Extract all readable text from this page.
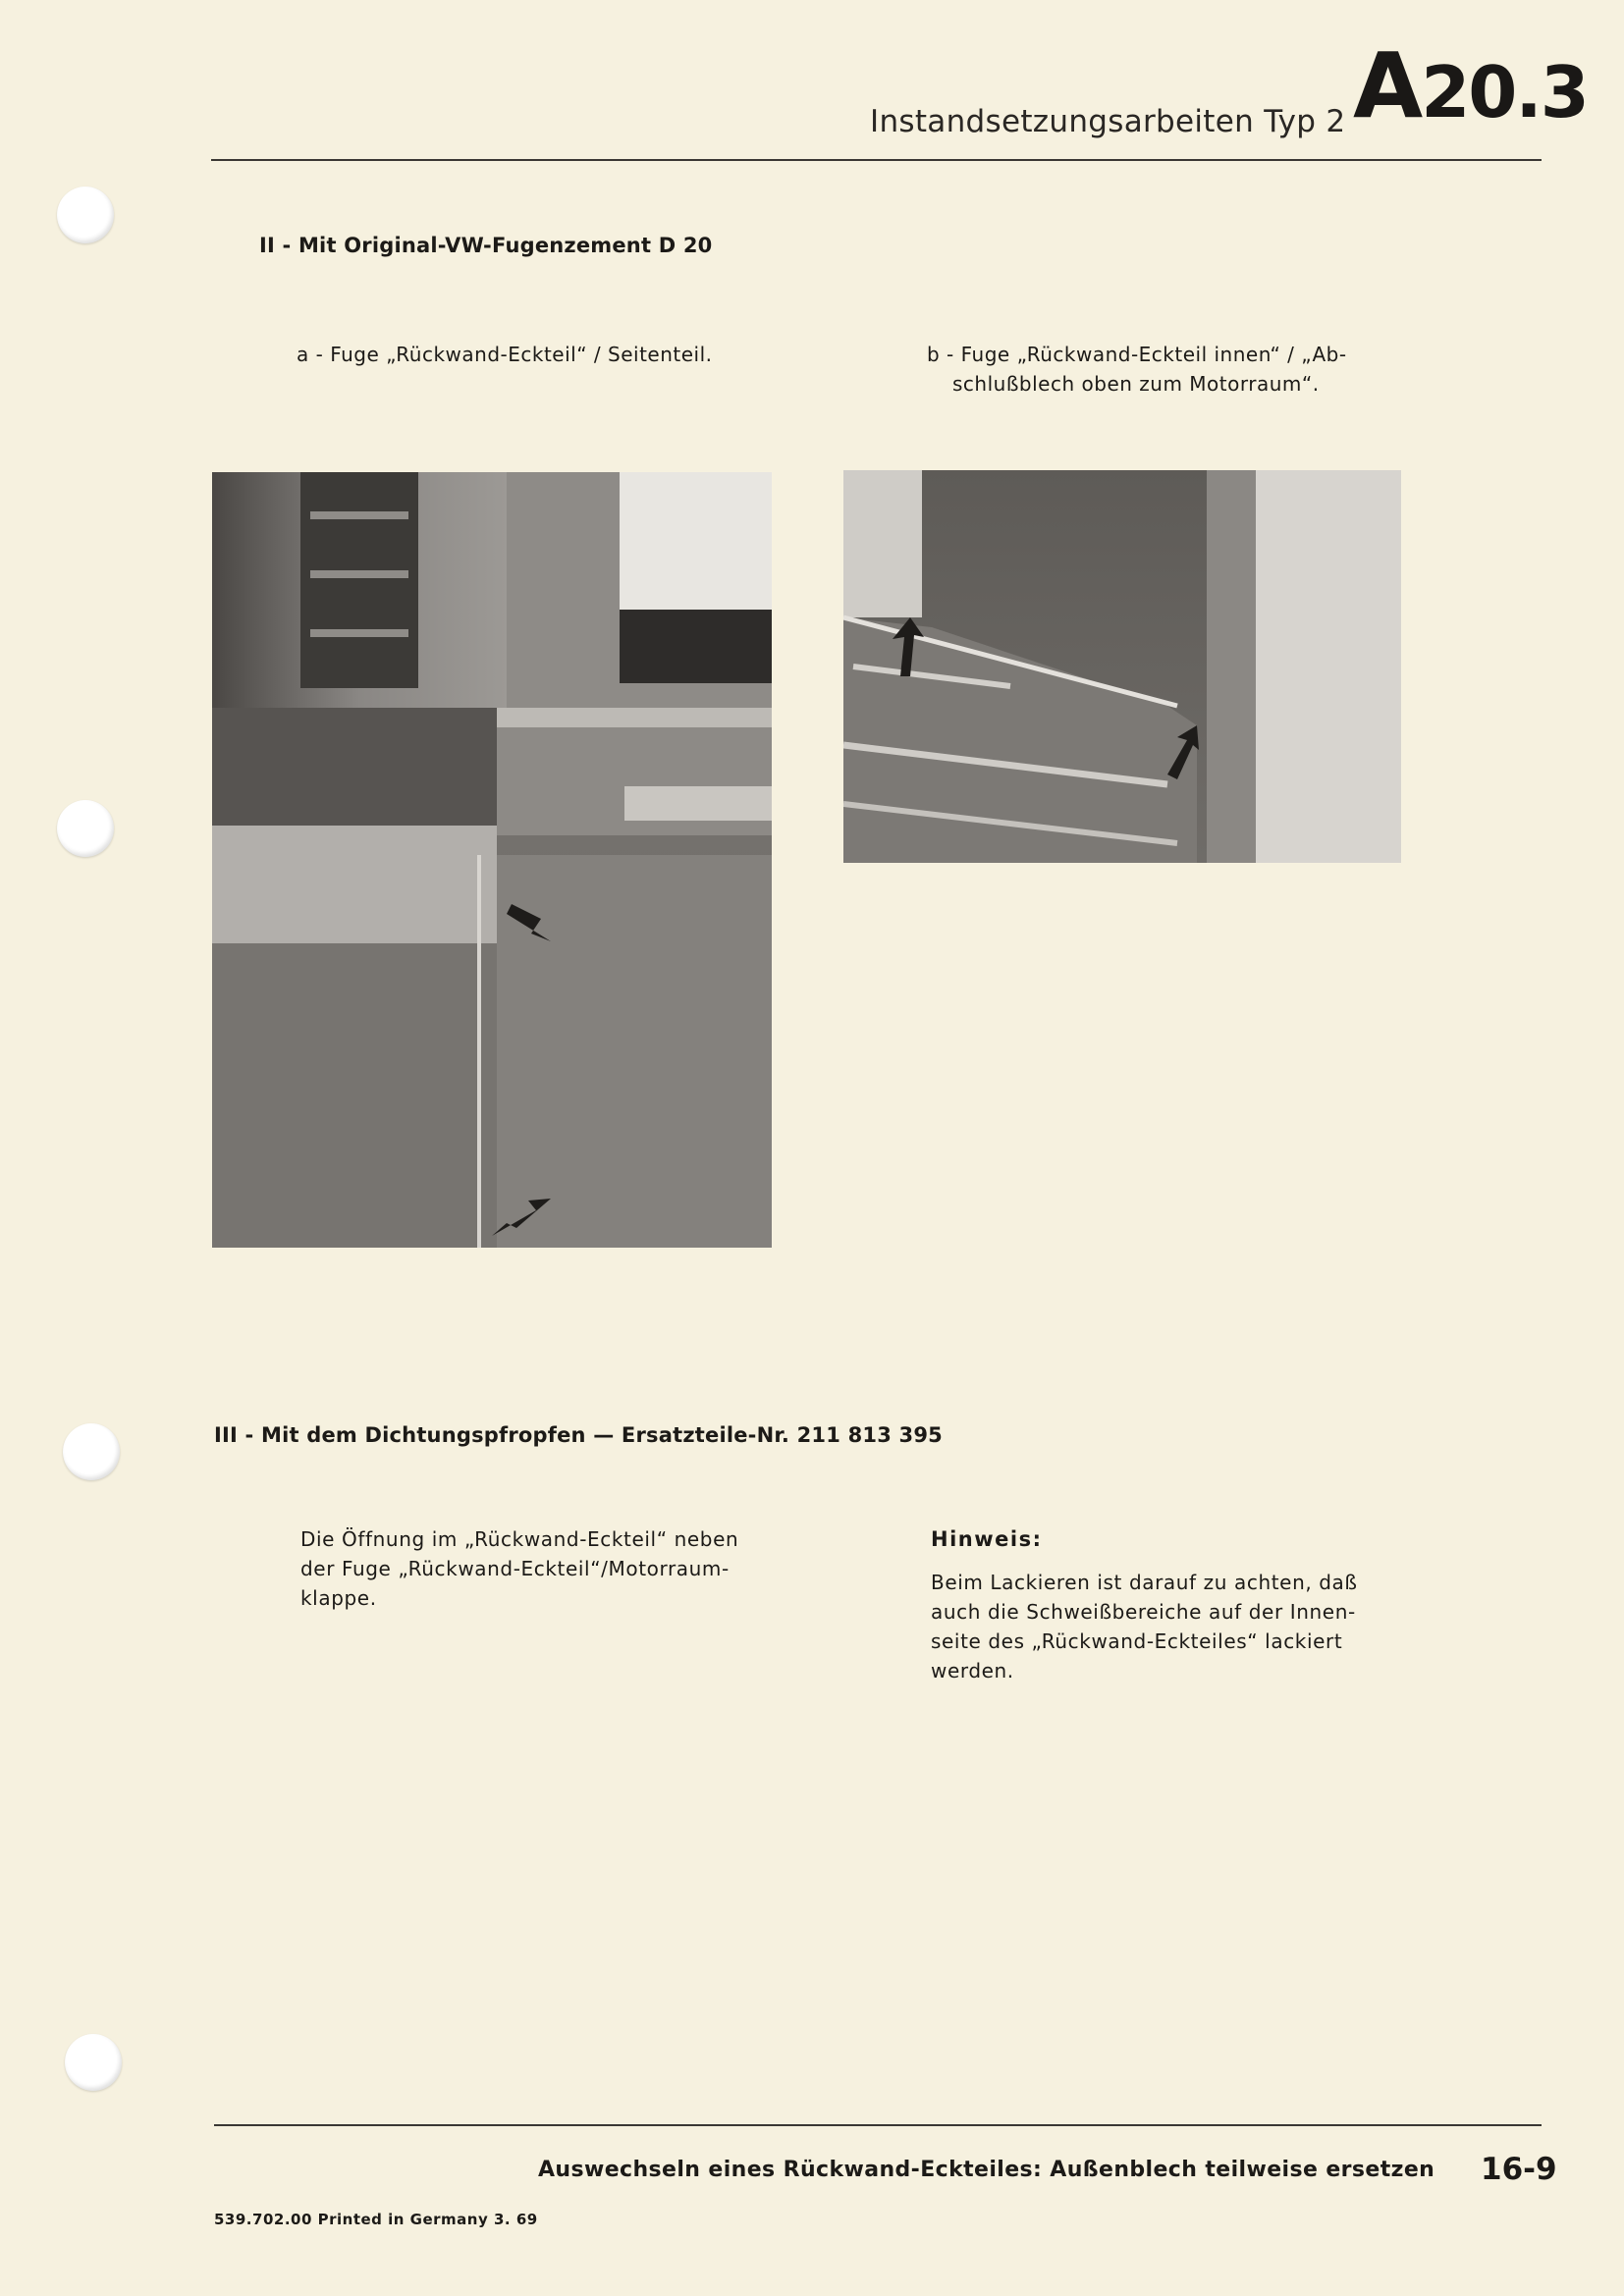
Instandsetzungsarbeiten Typ 2 A20.3
II - Mit Original-VW-Fugenzement D 20
a - Fuge „Rückwand-Eckteil“ / Seitenteil.	b - Fuge „Rückwand-Eckteil innen“ / „Ab-
schlußblech oben zum Motorraum“.
III - Mit dem Dichtungspfropfen — Ersatzteile-Nr. 211 813 395
Die Öffnung im „Rückwand-Eckteil“ neben
der Fuge „Rückwand-Eckteil“/Motorraum-
klappe.
Hinweis:
Beim Lackieren ist darauf zu achten, daß
auch die Schweißbereiche auf der Innen-
seite des „Rückwand-Eckteiles“ lackiert
werden.
Auswechseln eines Rückwand-Eckteiles: Außenblech teilweise ersetzen 16-9
539.702.00 Printed in Germany 3. 69
